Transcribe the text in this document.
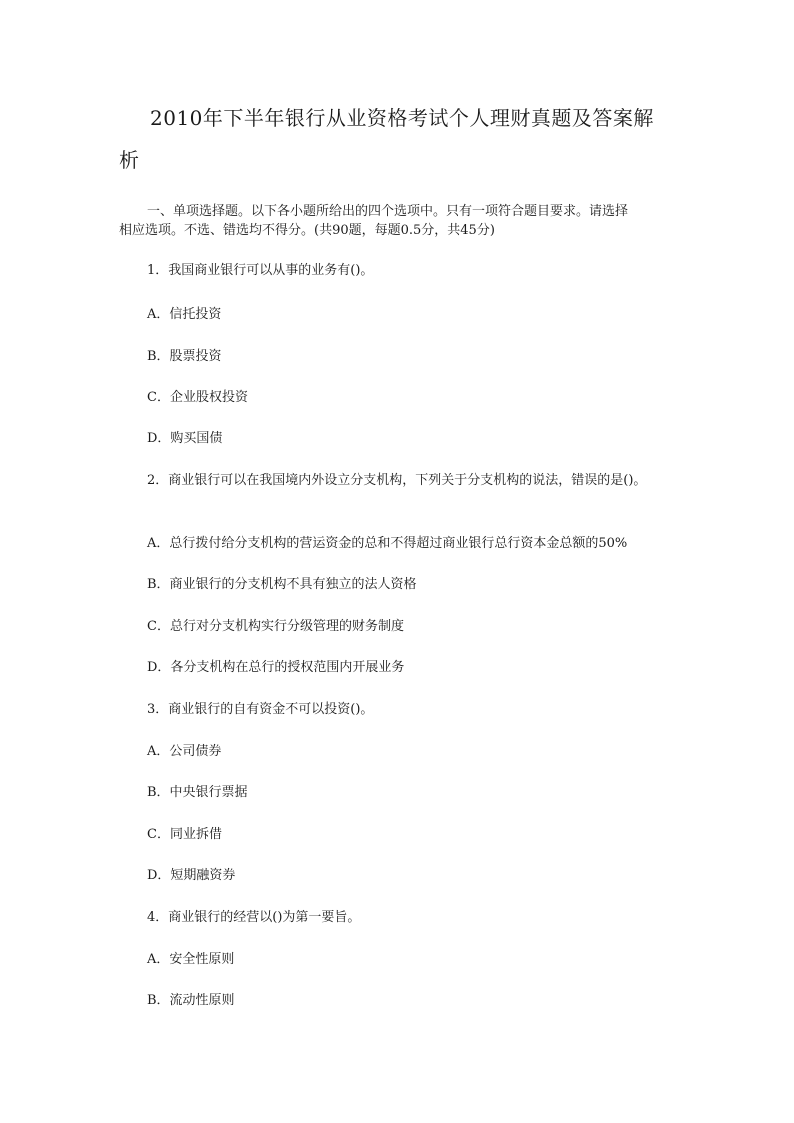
2010年下半年银行从业资格考试个人理财真题及答案解
析
一、单项选择题。以下各小题所给出的四个选项中。只有一项符合题目要求。请选择
相应选项。不选、错选均不得分。(共90题，每题0.5分，共45分)
1．我国商业银行可以从事的业务有()。
A．信托投资
B．股票投资
C．企业股权投资
D．购买国债
2．商业银行可以在我国境内外设立分支机构，下列关于分支机构的说法，错误的是()。
A．总行拨付给分支机构的营运资金的总和不得超过商业银行总行资本金总额的50%
B．商业银行的分支机构不具有独立的法人资格
C．总行对分支机构实行分级管理的财务制度
D．各分支机构在总行的授权范围内开展业务
3．商业银行的自有资金不可以投资()。
A．公司债券
B．中央银行票据
C．同业拆借
D．短期融资券
4．商业银行的经营以()为第一要旨。
A．安全性原则
B．流动性原则
